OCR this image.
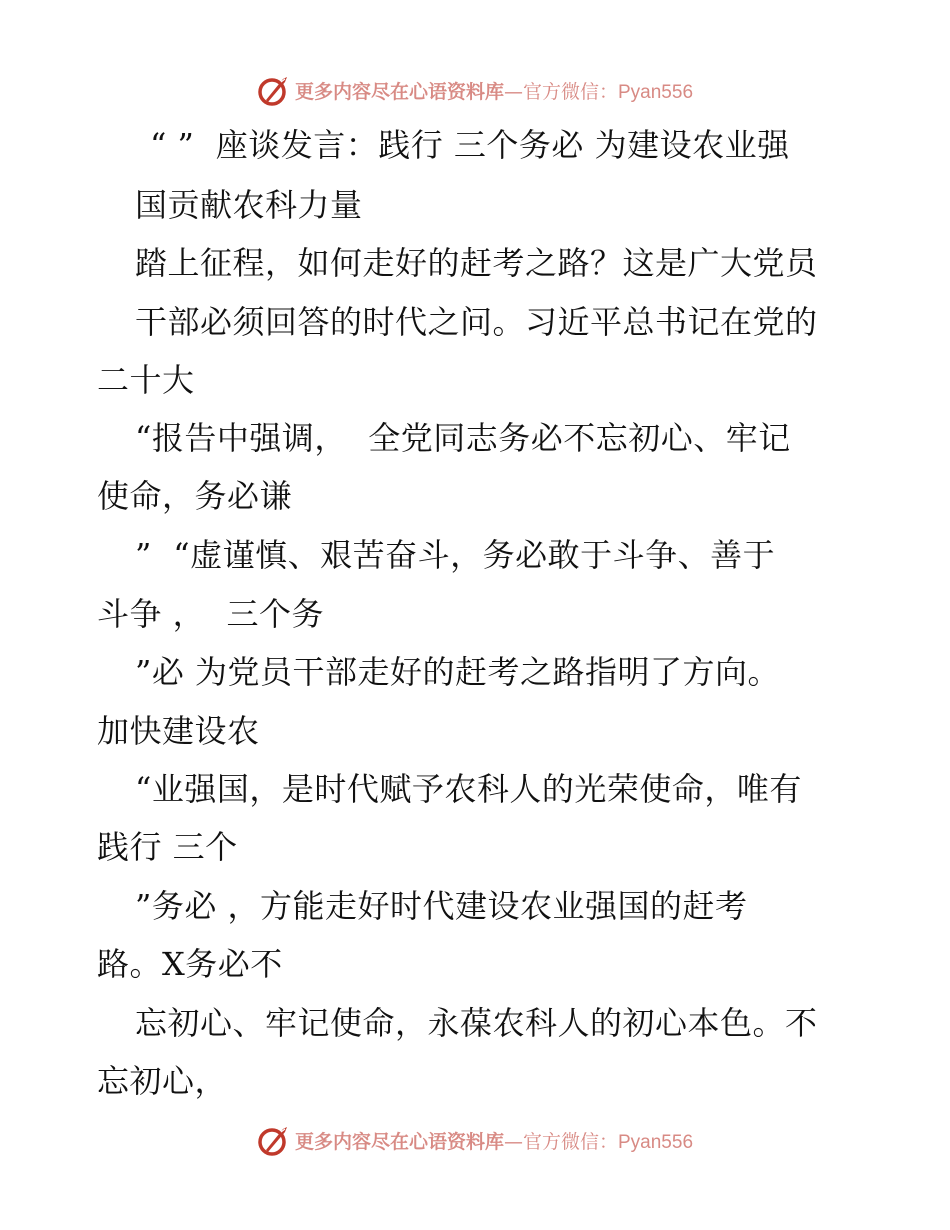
更多内容尽在心语资料库—官方微信：Pyan556
“ ”  座谈发言：践行 三个务必 为建设农业强
国贡献农科力量
踏上征程，如何走好的赶考之路？这是广大党员
干部必须回答的时代之问。习近平总书记在党的
二十大
“报告中强调，  全党同志务必不忘初心、牢记
使命，务必谦
”  “虚谨慎、艰苦奋斗，务必敢于斗争、善于
斗争 ，  三个务
”必 为党员干部走好的赶考之路指明了方向。
加快建设农
“业强国，是时代赋予农科人的光荣使命，唯有
践行 三个
”务必 ，方能走好时代建设农业强国的赶考
路。X务必不
忘初心、牢记使命，永葆农科人的初心本色。不
忘初心，
更多内容尽在心语资料库—官方微信：Pyan556
